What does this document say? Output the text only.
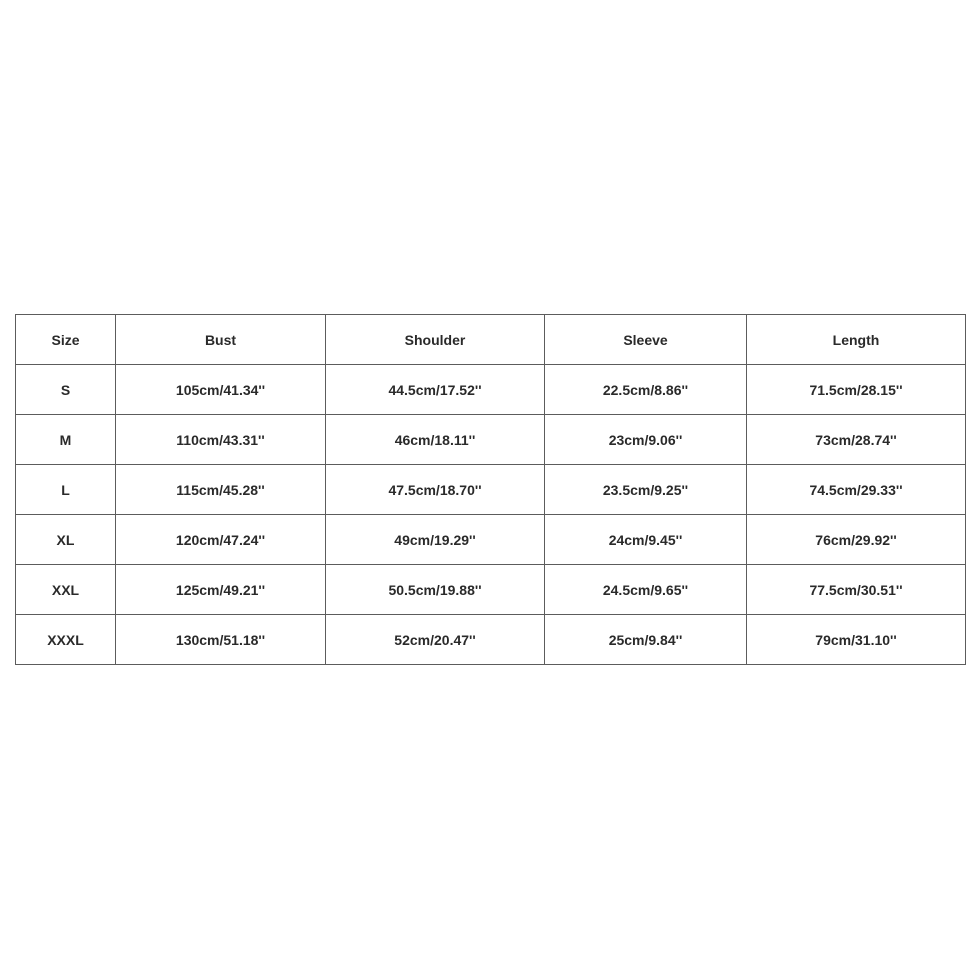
Size	Bust	Shoulder	Sleeve	Length
S	105cm/41.34''	44.5cm/17.52''	22.5cm/8.86''	71.5cm/28.15''
M	110cm/43.31''	46cm/18.11''	23cm/9.06''	73cm/28.74''
L	115cm/45.28''	47.5cm/18.70''	23.5cm/9.25''	74.5cm/29.33''
XL	120cm/47.24''	49cm/19.29''	24cm/9.45''	76cm/29.92''
XXL	125cm/49.21''	50.5cm/19.88''	24.5cm/9.65''	77.5cm/30.51''
XXXL	130cm/51.18''	52cm/20.47''	25cm/9.84''	79cm/31.10''
